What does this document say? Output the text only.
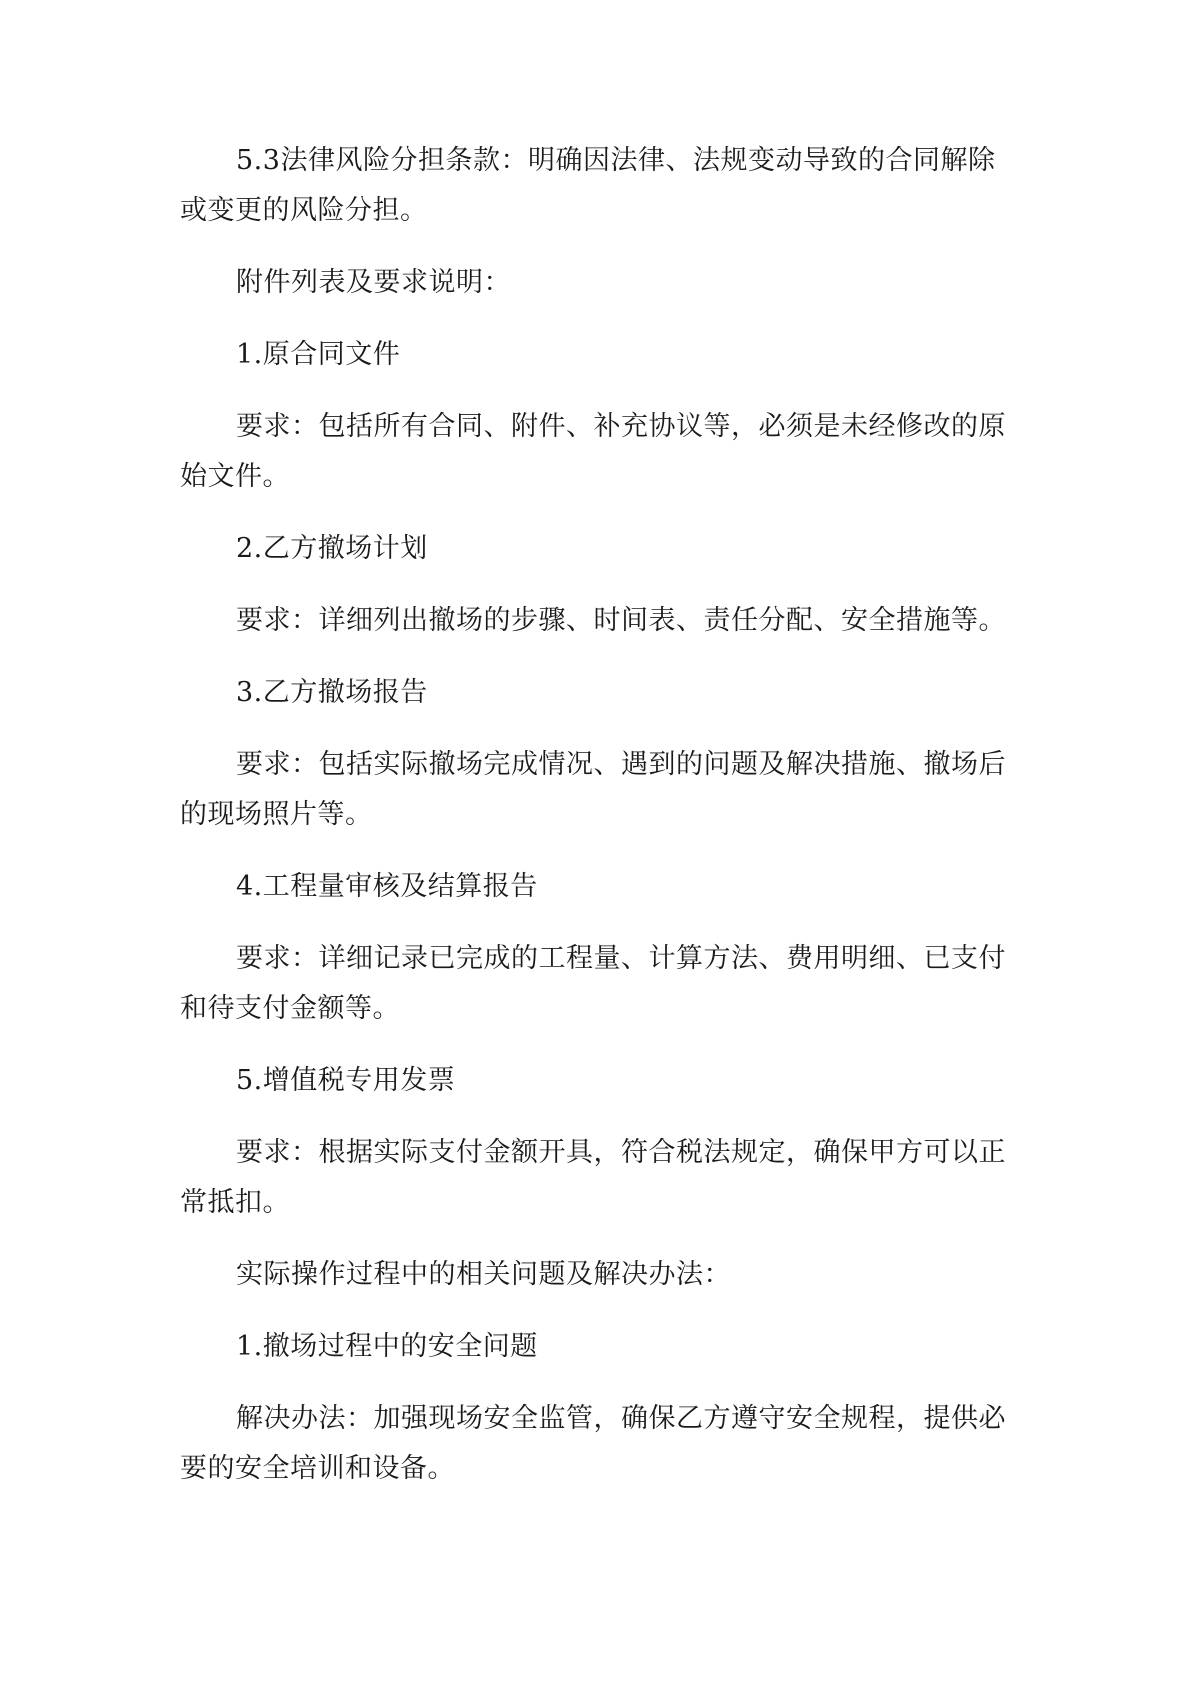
5.3法律风险分担条款：明确因法律、法规变动导致的合同解除或变更的风险分担。

附件列表及要求说明：

1.原合同文件

要求：包括所有合同、附件、补充协议等，必须是未经修改的原始文件。

2.乙方撤场计划

要求：详细列出撤场的步骤、时间表、责任分配、安全措施等。

3.乙方撤场报告

要求：包括实际撤场完成情况、遇到的问题及解决措施、撤场后的现场照片等。

4.工程量审核及结算报告

要求：详细记录已完成的工程量、计算方法、费用明细、已支付和待支付金额等。

5.增值税专用发票

要求：根据实际支付金额开具，符合税法规定，确保甲方可以正常抵扣。

实际操作过程中的相关问题及解决办法：

1.撤场过程中的安全问题

解决办法：加强现场安全监管，确保乙方遵守安全规程，提供必要的安全培训和设备。
